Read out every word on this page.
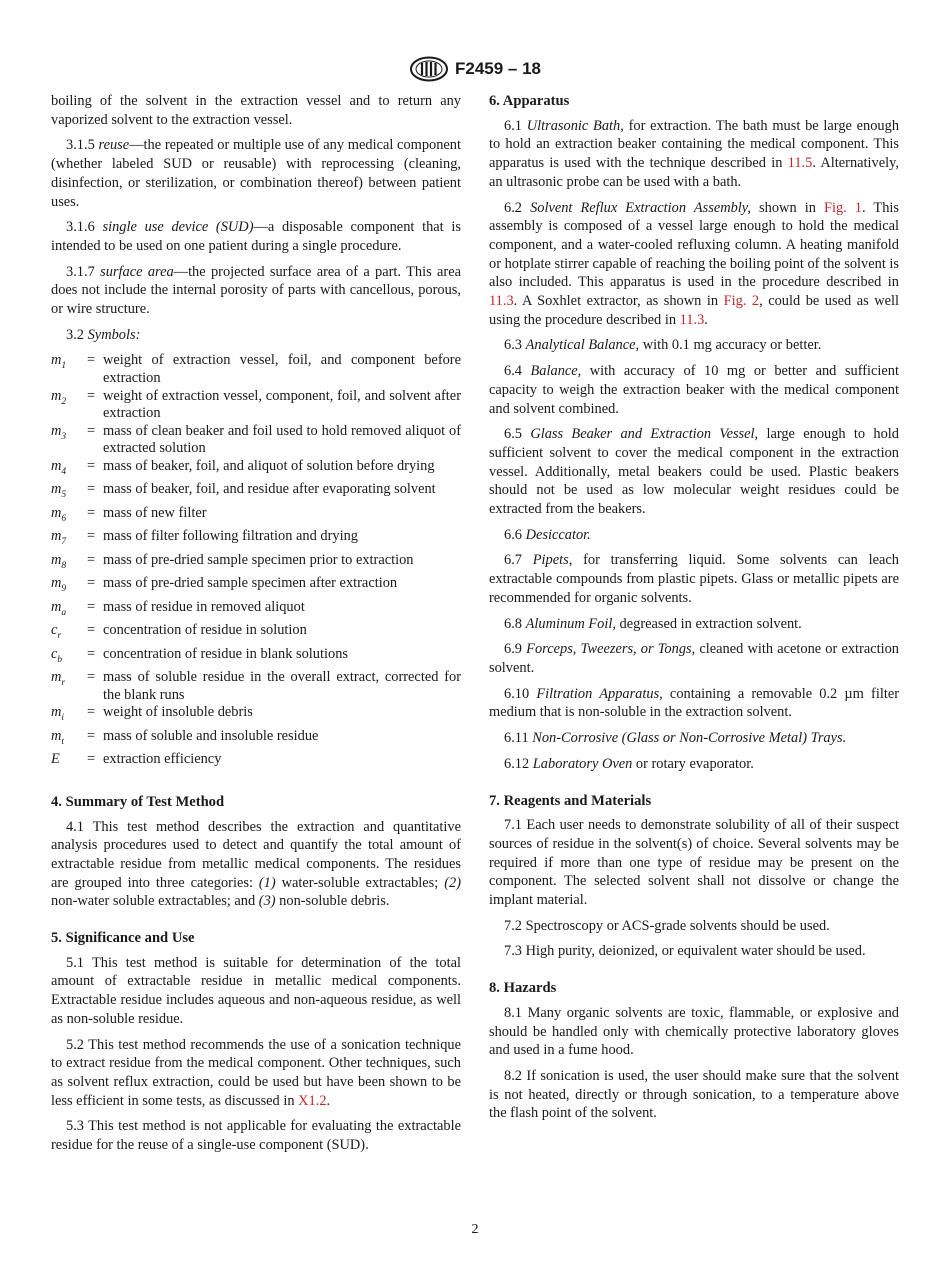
F2459 – 18

boiling of the solvent in the extraction vessel and to return any vaporized solvent to the extraction vessel.

3.1.5 reuse—the repeated or multiple use of any medical component (whether labeled SUD or reusable) with reprocessing (cleaning, disinfection, or sterilization, or combination thereof) between patient uses.

3.1.6 single use device (SUD)—a disposable component that is intended to be used on one patient during a single procedure.

3.1.7 surface area—the projected surface area of a part. This area does not include the internal porosity of parts with cancellous, porous, or wire structure.

3.2 Symbols:

$m_1$	=	weight of extraction vessel, foil, and component before extraction
$m_2$	=	weight of extraction vessel, component, foil, and solvent after extraction
$m_3$	=	mass of clean beaker and foil used to hold removed aliquot of extracted solution
$m_4$	=	mass of beaker, foil, and aliquot of solution before drying
$m_5$	=	mass of beaker, foil, and residue after evaporating solvent
$m_6$	=	mass of new filter
$m_7$	=	mass of filter following filtration and drying
$m_8$	=	mass of pre-dried sample specimen prior to extraction
$m_9$	=	mass of pre-dried sample specimen after extraction
$m_a$	=	mass of residue in removed aliquot
$c_r$	=	concentration of residue in solution
$c_b$	=	concentration of residue in blank solutions
$m_r$	=	mass of soluble residue in the overall extract, corrected for the blank runs
$m_i$	=	weight of insoluble debris
$m_t$	=	mass of soluble and insoluble residue
E	=	extraction efficiency
4. Summary of Test Method

4.1 This test method describes the extraction and quantitative analysis procedures used to detect and quantify the total amount of extractable residue from metallic medical components. The residues are grouped into three categories: (1) water-soluble extractables; (2) non-water soluble extractables; and (3) non-soluble debris.

5. Significance and Use

5.1 This test method is suitable for determination of the total amount of extractable residue in metallic medical components. Extractable residue includes aqueous and non-aqueous residue, as well as non-soluble residue.

5.2 This test method recommends the use of a sonication technique to extract residue from the medical component. Other techniques, such as solvent reflux extraction, could be used but have been shown to be less efficient in some tests, as discussed in X1.2.

5.3 This test method is not applicable for evaluating the extractable residue for the reuse of a single-use component (SUD).

6. Apparatus

6.1 Ultrasonic Bath, for extraction. The bath must be large enough to hold an extraction beaker containing the medical component. This apparatus is used with the technique described in 11.5. Alternatively, an ultrasonic probe can be used with a bath.

6.2 Solvent Reflux Extraction Assembly, shown in Fig. 1. This assembly is composed of a vessel large enough to hold the medical component, and a water-cooled refluxing column. A heating manifold or hotplate stirrer capable of reaching the boiling point of the solvent is also included. This apparatus is used in the procedure described in 11.3. A Soxhlet extractor, as shown in Fig. 2, could be used as well using the procedure described in 11.3.

6.3 Analytical Balance, with 0.1 mg accuracy or better.

6.4 Balance, with accuracy of 10 mg or better and sufficient capacity to weigh the extraction beaker with the medical component and solvent combined.

6.5 Glass Beaker and Extraction Vessel, large enough to hold sufficient solvent to cover the medical component in the extraction vessel. Additionally, metal beakers could be used. Plastic beakers should not be used as low molecular weight residues could be extracted from the beakers.

6.6 Desiccator.

6.7 Pipets, for transferring liquid. Some solvents can leach extractable compounds from plastic pipets. Glass or metallic pipets are recommended for organic solvents.

6.8 Aluminum Foil, degreased in extraction solvent.

6.9 Forceps, Tweezers, or Tongs, cleaned with acetone or extraction solvent.

6.10 Filtration Apparatus, containing a removable 0.2 µm filter medium that is non-soluble in the extraction solvent.

6.11 Non-Corrosive (Glass or Non-Corrosive Metal) Trays.

6.12 Laboratory Oven or rotary evaporator.

7. Reagents and Materials

7.1 Each user needs to demonstrate solubility of all of their suspect sources of residue in the solvent(s) of choice. Several solvents may be required if more than one type of residue may be present on the component. The selected solvent shall not dissolve or change the implant material.

7.2 Spectroscopy or ACS-grade solvents should be used.

7.3 High purity, deionized, or equivalent water should be used.

8. Hazards

8.1 Many organic solvents are toxic, flammable, or explosive and should be handled only with chemically protective laboratory gloves and used in a fume hood.

8.2 If sonication is used, the user should make sure that the solvent is not heated, directly or through sonication, to a temperature above the flash point of the solvent.

2
